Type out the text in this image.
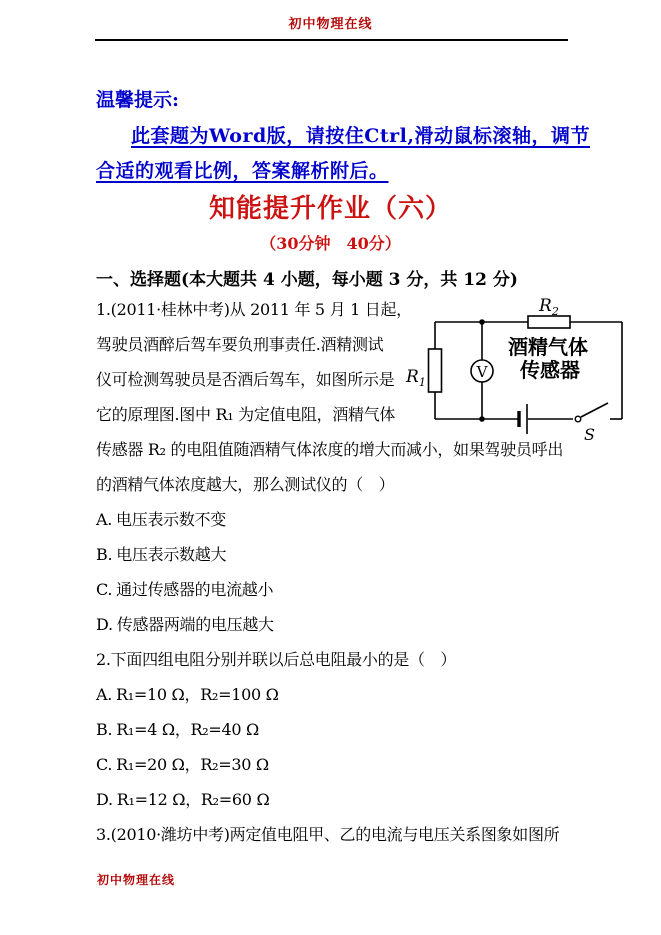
初中物理在线
温馨提示:
此套题为Word版，请按住Ctrl,滑动鼠标滚轴，调节
合适的观看比例，答案解析附后。
知能提升作业（六）
（30分钟　40分）
一、选择题(本大题共 4 小题，每小题 3 分，共 12 分)
1.(2011·桂林中考)从 2011 年 5 月 1 日起，
驾驶员酒醉后驾车要负刑事责任.酒精测试
仪可检测驾驶员是否酒后驾车，如图所示是
它的原理图.图中 R₁ 为定值电阻，酒精气体
传感器 R₂ 的电阻值随酒精气体浓度的增大而减小，如果驾驶员呼出
的酒精气体浓度越大，那么测试仪的（　）
A. 电压表示数不变
B. 电压表示数越大
C. 通过传感器的电流越小
D. 传感器两端的电压越大
2.下面四组电阻分别并联以后总电阻最小的是（　）
A. R₁=10 Ω，R₂=100 Ω
B. R₁=4 Ω，R₂=40 Ω
C. R₁=20 Ω，R₂=30 Ω
D. R₁=12 Ω，R₂=60 Ω
3.(2010·潍坊中考)两定值电阻甲、乙的电流与电压关系图象如图所
$R_1$
$R_2$
V
S
酒精气体
传感器
初中物理在线
